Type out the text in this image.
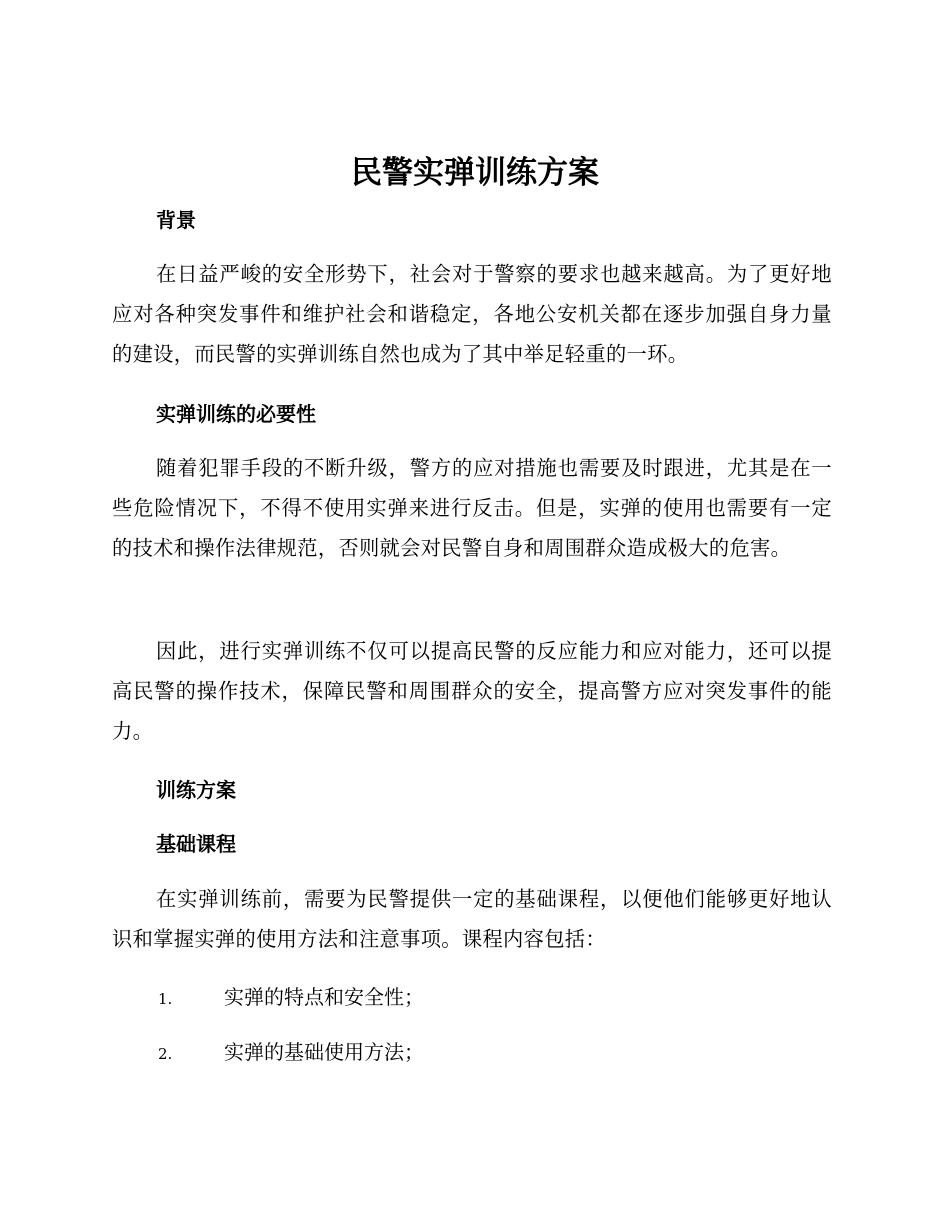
民警实弹训练方案
背景
在日益严峻的安全形势下，社会对于警察的要求也越来越高。为了更好地应对各种突发事件和维护社会和谐稳定，各地公安机关都在逐步加强自身力量的建设，而民警的实弹训练自然也成为了其中举足轻重的一环。
实弹训练的必要性
随着犯罪手段的不断升级，警方的应对措施也需要及时跟进，尤其是在一些危险情况下，不得不使用实弹来进行反击。但是，实弹的使用也需要有一定的技术和操作法律规范，否则就会对民警自身和周围群众造成极大的危害。
因此，进行实弹训练不仅可以提高民警的反应能力和应对能力，还可以提高民警的操作技术，保障民警和周围群众的安全，提高警方应对突发事件的能力。
训练方案
基础课程
在实弹训练前，需要为民警提供一定的基础课程，以便他们能够更好地认识和掌握实弹的使用方法和注意事项。课程内容包括：
1.	实弹的特点和安全性；
2.	实弹的基础使用方法；
